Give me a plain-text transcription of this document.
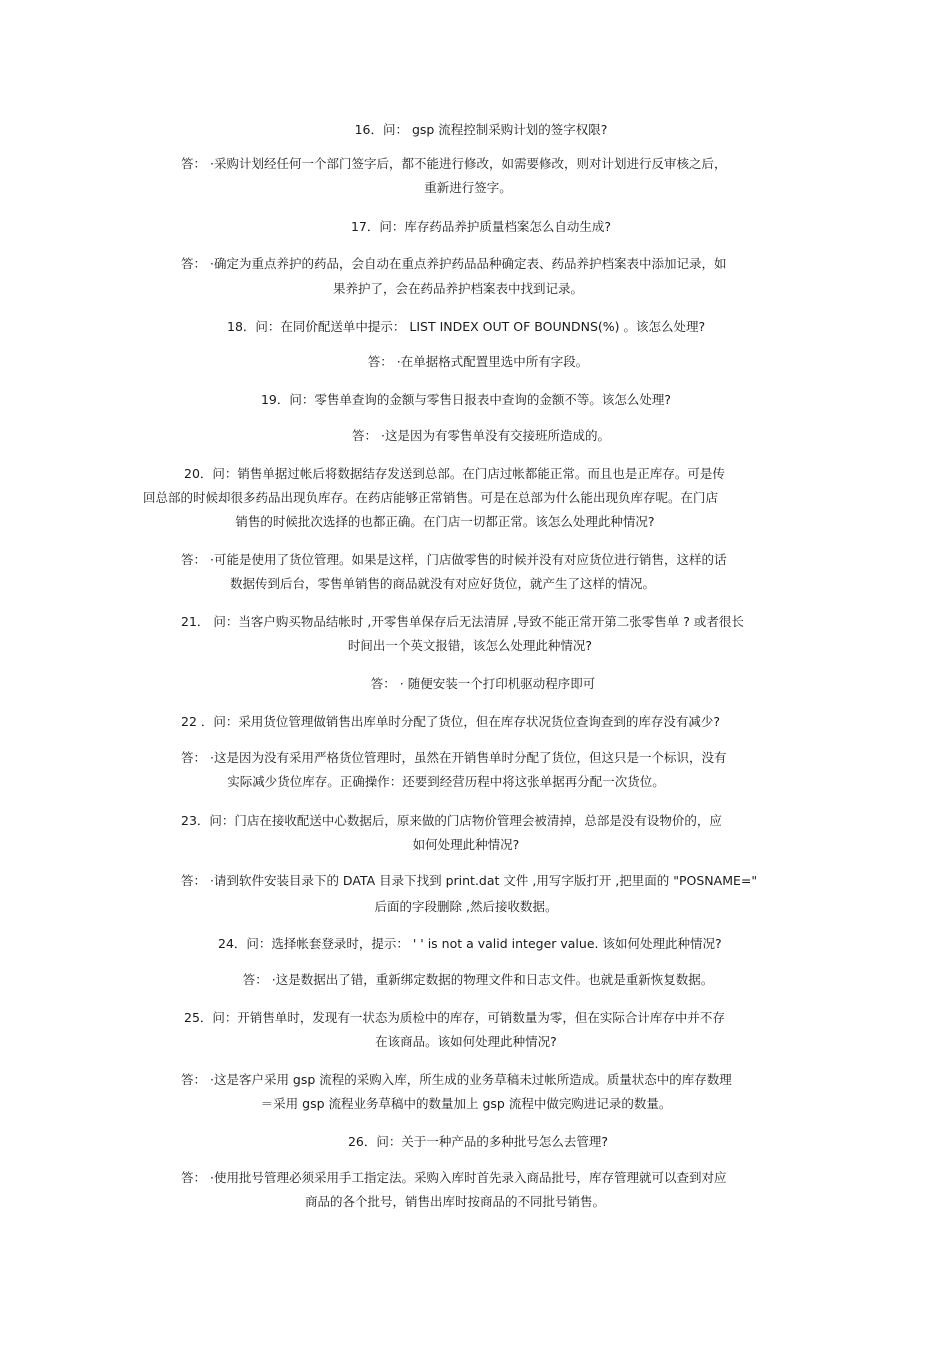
16．问： gsp 流程控制采购计划的签字权限?
答： ·采购计划经任何一个部门签字后，都不能进行修改，如需要修改，则对计划进行反审核之后，
重新进行签字。
17．问：库存药品养护质量档案怎么自动生成?
答： ·确定为重点养护的药品，会自动在重点养护药品品种确定表、药品养护档案表中添加记录，如
果养护了，会在药品养护档案表中找到记录。
18．问：在同价配送单中提示： LIST INDEX OUT OF BOUNDNS(%) 。该怎么处理?
答： ·在单据格式配置里选中所有字段。
19．问：零售单查询的金额与零售日报表中查询的金额不等。该怎么处理?
答： ·这是因为有零售单没有交接班所造成的。
20．问：销售单据过帐后将数据结存发送到总部。在门店过帐都能正常。而且也是正库存。可是传
回总部的时候却很多药品出现负库存。在药店能够正常销售。可是在总部为什么能出现负库存呢。在门店
销售的时候批次选择的也都正确。在门店一切都正常。该怎么处理此种情况?
答： ·可能是使用了货位管理。如果是这样，门店做零售的时候并没有对应货位进行销售，这样的话
数据传到后台，零售单销售的商品就没有对应好货位，就产生了这样的情况。
21． 问：当客户购买物品结帐时 ,开零售单保存后无法清屏 ,导致不能正常开第二张零售单 ? 或者很长
时间出一个英文报错，该怎么处理此种情况?
答： · 随便安装一个打印机驱动程序即可
22 ．问：采用货位管理做销售出库单时分配了货位，但在库存状况货位查询查到的库存没有减少?
答： ·这是因为没有采用严格货位管理时，虽然在开销售单时分配了货位，但这只是一个标识，没有
实际减少货位库存。正确操作：还要到经营历程中将这张单据再分配一次货位。
23．问：门店在接收配送中心数据后，原来做的门店物价管理会被清掉，总部是没有设物价的，应
如何处理此种情况?
答： ·请到软件安装目录下的 DATA 目录下找到 print.dat 文件 ,用写字版打开 ,把里面的 "POSNAME="
后面的字段删除 ,然后接收数据。
24．问：选择帐套登录时，提示： ' ' is not a valid integer value. 该如何处理此种情况?
答： ·这是数据出了错，重新绑定数据的物理文件和日志文件。也就是重新恢复数据。
25．问：开销售单时，发现有一状态为质检中的库存，可销数量为零，但在实际合计库存中并不存
在该商品。该如何处理此种情况?
答： ·这是客户采用 gsp 流程的采购入库，所生成的业务草稿未过帐所造成。质量状态中的库存数理
＝采用 gsp 流程业务草稿中的数量加上 gsp 流程中做完购进记录的数量。
26．问：关于一种产品的多种批号怎么去管理?
答： ·使用批号管理必须采用手工指定法。采购入库时首先录入商品批号，库存管理就可以查到对应
商品的各个批号，销售出库时按商品的不同批号销售。
